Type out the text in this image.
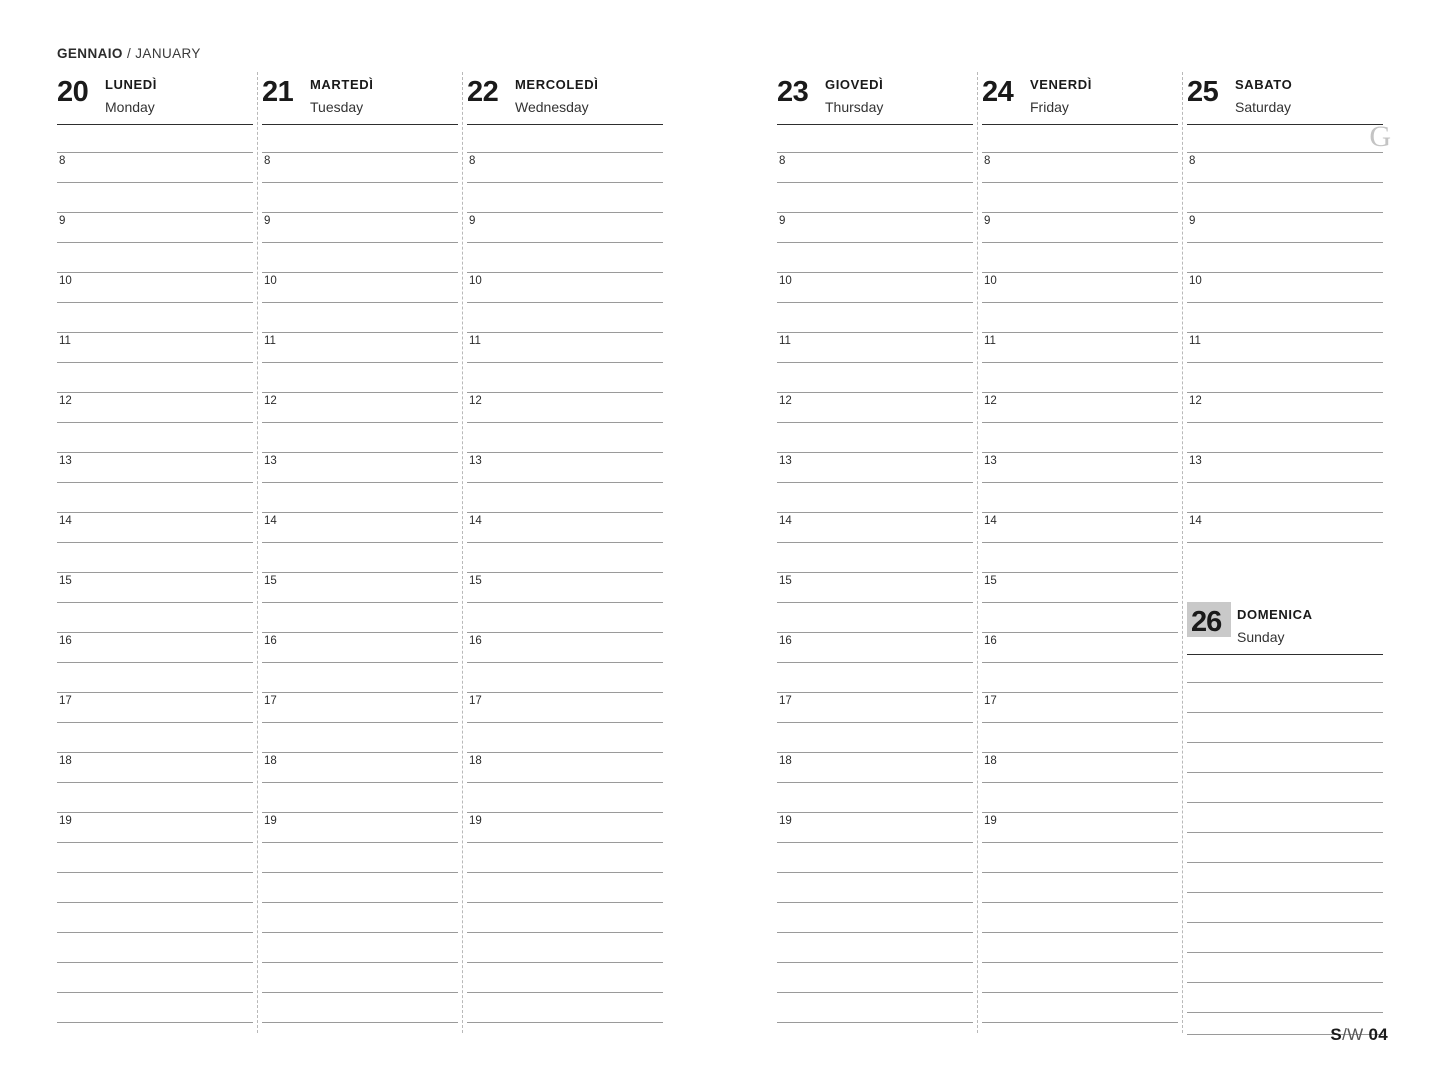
GENNAIO / JANUARY
20 LUNEDÌ
Monday
8
9
10
11
12
13
14
15
16
17
18
19
21 MARTEDÌ
Tuesday
8
9
10
11
12
13
14
15
16
17
18
19
22 MERCOLEDÌ
Wednesday
8
9
10
11
12
13
14
15
16
17
18
19
23 GIOVEDÌ
Thursday
8
9
10
11
12
13
14
15
16
17
18
19
24 VENERDÌ
Friday
8
9
10
11
12
13
14
15
16
17
18
19
25 SABATO
Saturday
G
8
9
10
11
12
13
14
26 DOMENICA
Sunday
S/W 04
